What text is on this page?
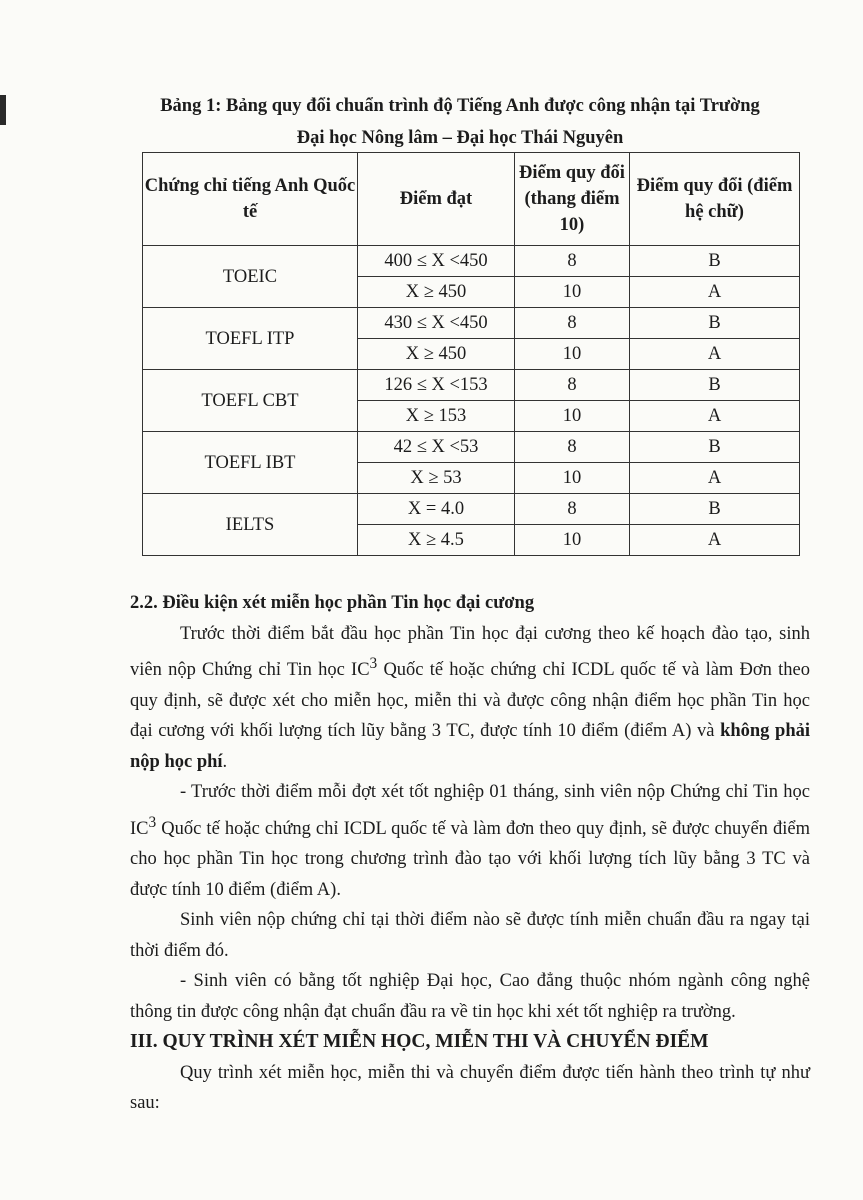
Bảng 1: Bảng quy đổi chuẩn trình độ Tiếng Anh được công nhận tại Trường
Đại học Nông lâm – Đại học Thái Nguyên
Chứng chỉ tiếng Anh Quốc tế	Điểm đạt	Điểm quy đổi (thang điểm 10)	Điểm quy đổi (điểm hệ chữ)
TOEIC	400 ≤ X <450	8	B
	X ≥ 450	10	A
TOEFL ITP	430 ≤ X <450	8	B
	X ≥ 450	10	A
TOEFL CBT	126 ≤ X <153	8	B
	X ≥ 153	10	A
TOEFL IBT	42 ≤ X <53	8	B
	X ≥ 53	10	A
IELTS	X = 4.0	8	B
	X ≥ 4.5	10	A

2.2. Điều kiện xét miễn học phần Tin học đại cương

Trước thời điểm bắt đầu học phần Tin học đại cương theo kế hoạch đào tạo, sinh viên nộp Chứng chỉ Tin học $IC^3$ Quốc tế hoặc chứng chỉ ICDL quốc tế và làm Đơn theo quy định, sẽ được xét cho miễn học, miễn thi và được công nhận điểm học phần Tin học đại cương với khối lượng tích lũy bằng 3 TC, được tính 10 điểm (điểm A) và không phải nộp học phí.

- Trước thời điểm mỗi đợt xét tốt nghiệp 01 tháng, sinh viên nộp Chứng chỉ Tin học $IC^3$ Quốc tế hoặc chứng chỉ ICDL quốc tế và làm đơn theo quy định, sẽ được chuyển điểm cho học phần Tin học trong chương trình đào tạo với khối lượng tích lũy bằng 3 TC và được tính 10 điểm (điểm A).

Sinh viên nộp chứng chỉ tại thời điểm nào sẽ được tính miễn chuẩn đầu ra ngay tại thời điểm đó.

- Sinh viên có bằng tốt nghiệp Đại học, Cao đẳng thuộc nhóm ngành công nghệ thông tin được công nhận đạt chuẩn đầu ra về tin học khi xét tốt nghiệp ra trường.

III. QUY TRÌNH XÉT MIỄN HỌC, MIỄN THI VÀ CHUYỂN ĐIỂM

Quy trình xét miễn học, miễn thi và chuyển điểm được tiến hành theo trình tự như sau:
